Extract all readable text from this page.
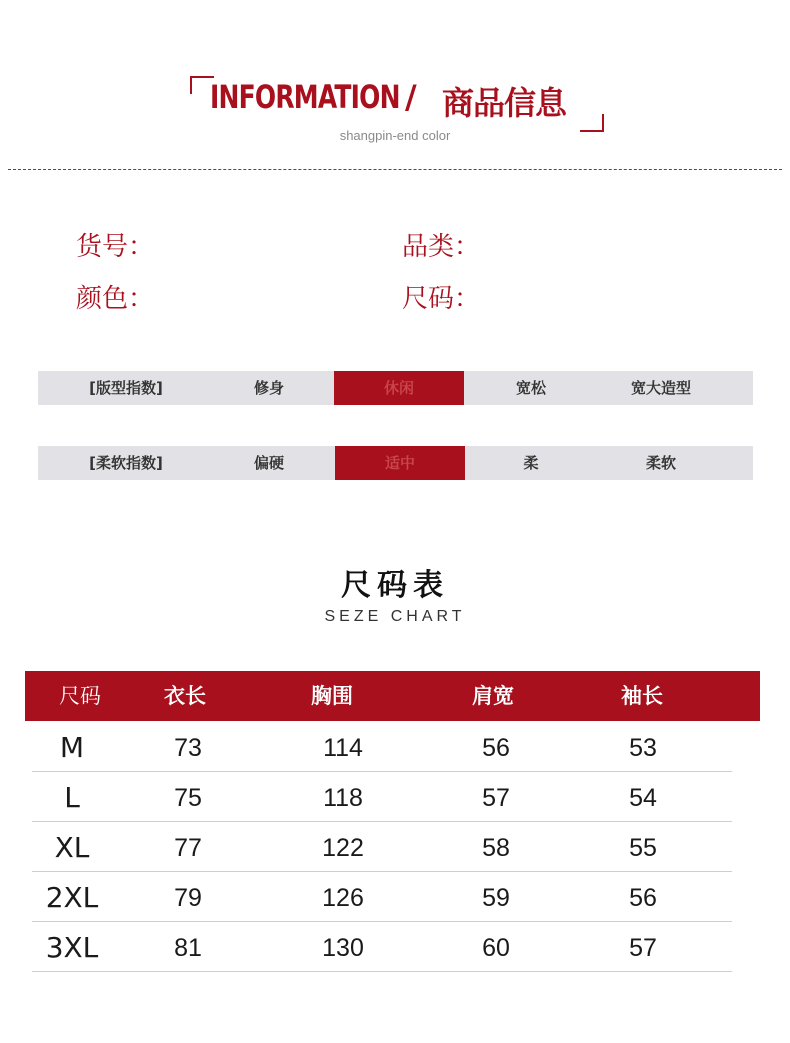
INFORMATION / 商品信息
shangpin-end color
货号：	品类：
颜色：	尺码：
[版型指数]	修身	休闲	宽松	宽大造型
[柔软指数]	偏硬	适中	柔	柔软
尺码表
SEZE CHART
尺码	衣长	胸围	肩宽	袖长
M	73	114	56	53
L	75	118	57	54
XL	77	122	58	55
2XL	79	126	59	56
3XL	81	130	60	57
